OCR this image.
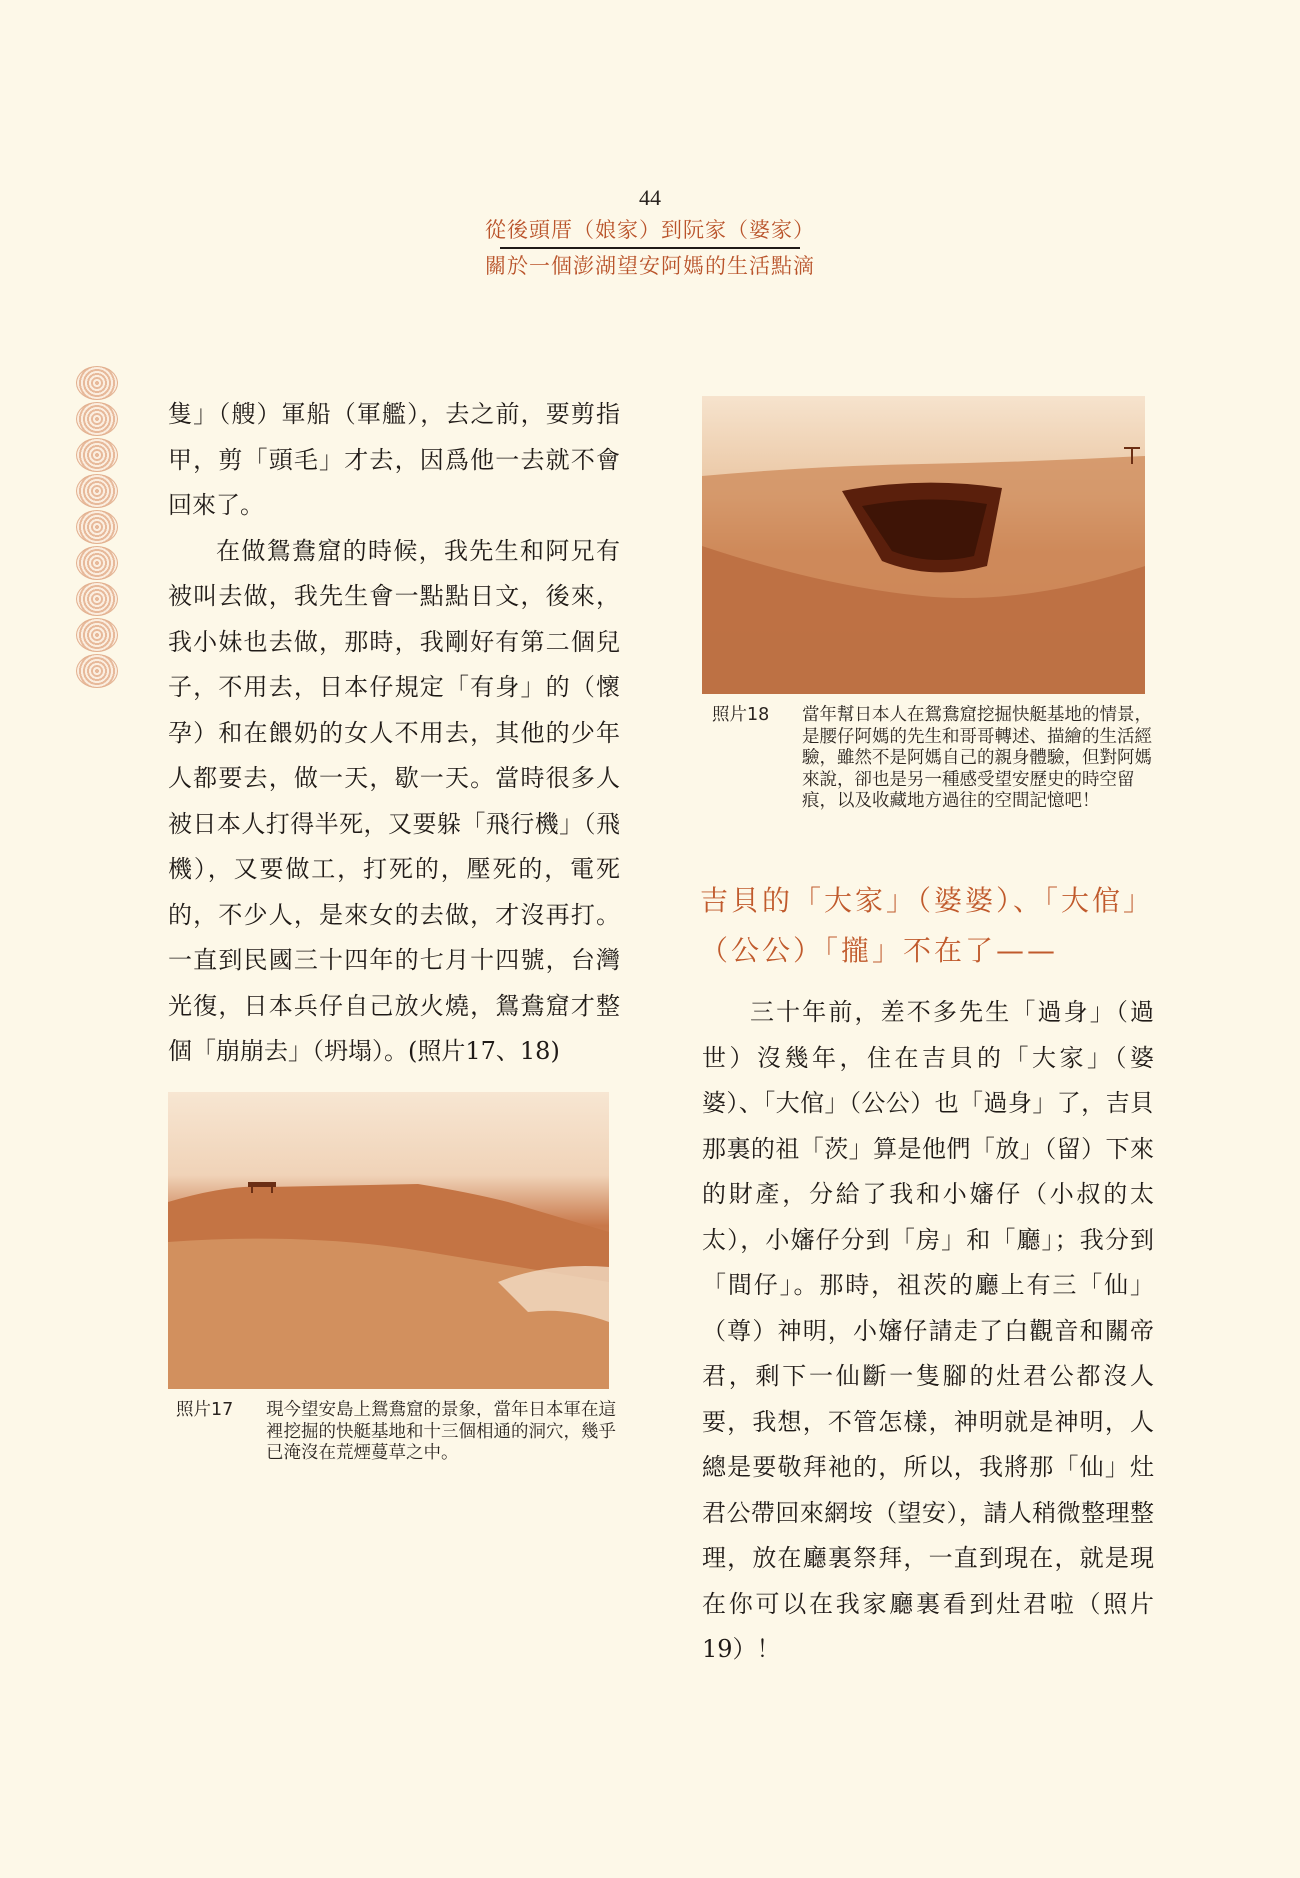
44
從後頭厝（娘家）到阮家（婆家）
關於一個澎湖望安阿媽的生活點滴

隻」（艘）軍船（軍艦），去之前，要剪指甲，剪「頭毛」才去，因爲他一去就不會回來了。

在做鴛鴦窟的時候，我先生和阿兄有被叫去做，我先生會一點點日文，後來，我小妹也去做，那時，我剛好有第二個兒子，不用去，日本仔規定「有身」的（懷孕）和在餵奶的女人不用去，其他的少年人都要去，做一天，歇一天。當時很多人被日本人打得半死，又要躲「飛行機」（飛機），又要做工，打死的，壓死的，電死的，不少人，是來女的去做，才沒再打。一直到民國三十四年的七月十四號，台灣光復，日本兵仔自己放火燒，鴛鴦窟才整個「崩崩去」（坍塌）。(照片17、18)

照片18	當年幫日本人在鴛鴦窟挖掘快艇基地的情景，是腰仔阿媽的先生和哥哥轉述、描繪的生活經驗，雖然不是阿媽自己的親身體驗，但對阿媽來說，卻也是另一種感受望安歷史的時空留痕，以及收藏地方過往的空間記憶吧！
吉貝的「大家」（婆婆）、「大倌」（公公）「攏」不在了——

三十年前，差不多先生「過身」（過世）沒幾年，住在吉貝的「大家」（婆婆）、「大倌」（公公）也「過身」了，吉貝那裏的祖「茨」算是他們「放」（留）下來的財產，分給了我和小嬸仔（小叔的太太），小嬸仔分到「房」和「廳」；我分到「間仔」。那時，祖茨的廳上有三「仙」（尊）神明，小嬸仔請走了白觀音和關帝君，剩下一仙斷一隻腳的灶君公都沒人要，我想，不管怎樣，神明就是神明，人總是要敬拜祂的，所以，我將那「仙」灶君公帶回來網垵（望安），請人稍微整理整理，放在廳裏祭拜，一直到現在，就是現在你可以在我家廳裏看到灶君啦（照片19）！

照片17	現今望安島上鴛鴦窟的景象，當年日本軍在這裡挖掘的快艇基地和十三個相通的洞穴，幾乎已淹沒在荒煙蔓草之中。
